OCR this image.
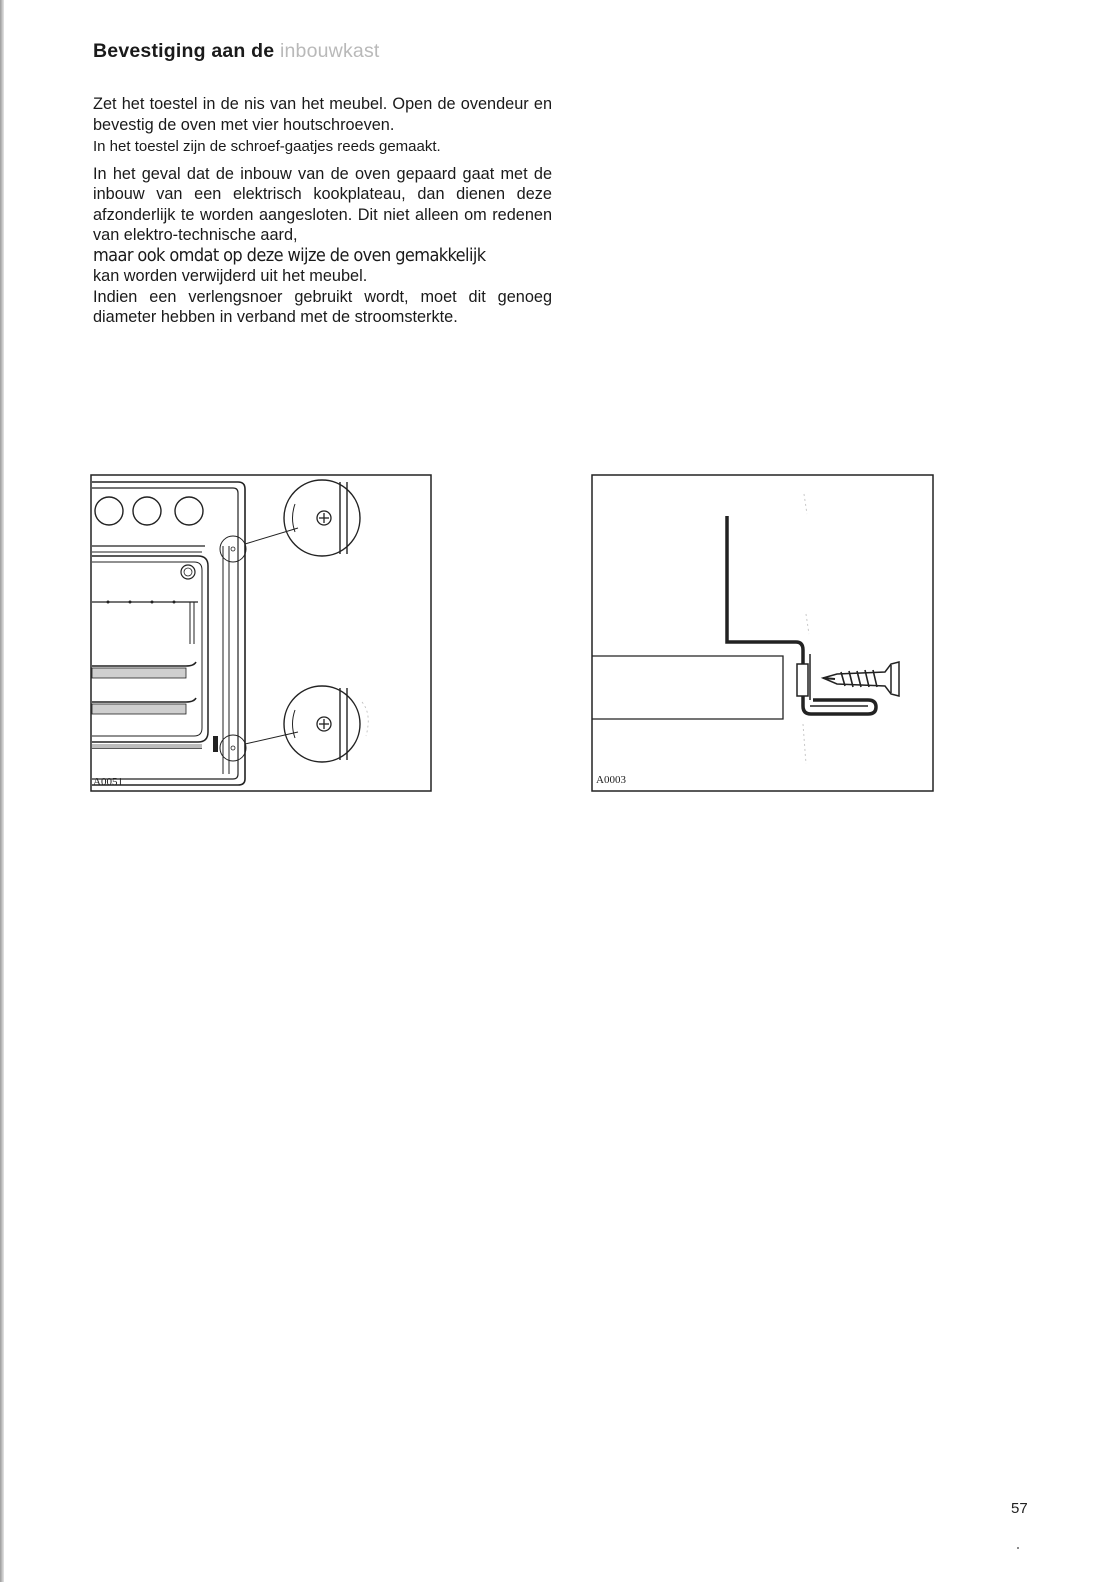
Bevestiging aan de inbouwkast

Zet het toestel in de nis van het meubel. Open de ovendeur en bevestig de oven met vier houtschroeven.

In het toestel zijn de schroef-gaatjes reeds gemaakt.

In het geval dat de inbouw van de oven gepaard gaat met de inbouw van een elektrisch kookplateau, dan dienen deze afzonderlijk te worden aangesloten. Dit niet alleen om redenen van elektro-technische aard,

maar ook omdat op deze wijze de oven gemakkelijk

kan worden verwijderd uit het meubel.

Indien een verlengsnoer gebruikt wordt, moet dit genoeg diameter hebben in verband met de stroomsterkte.

A0051	A0003
57
